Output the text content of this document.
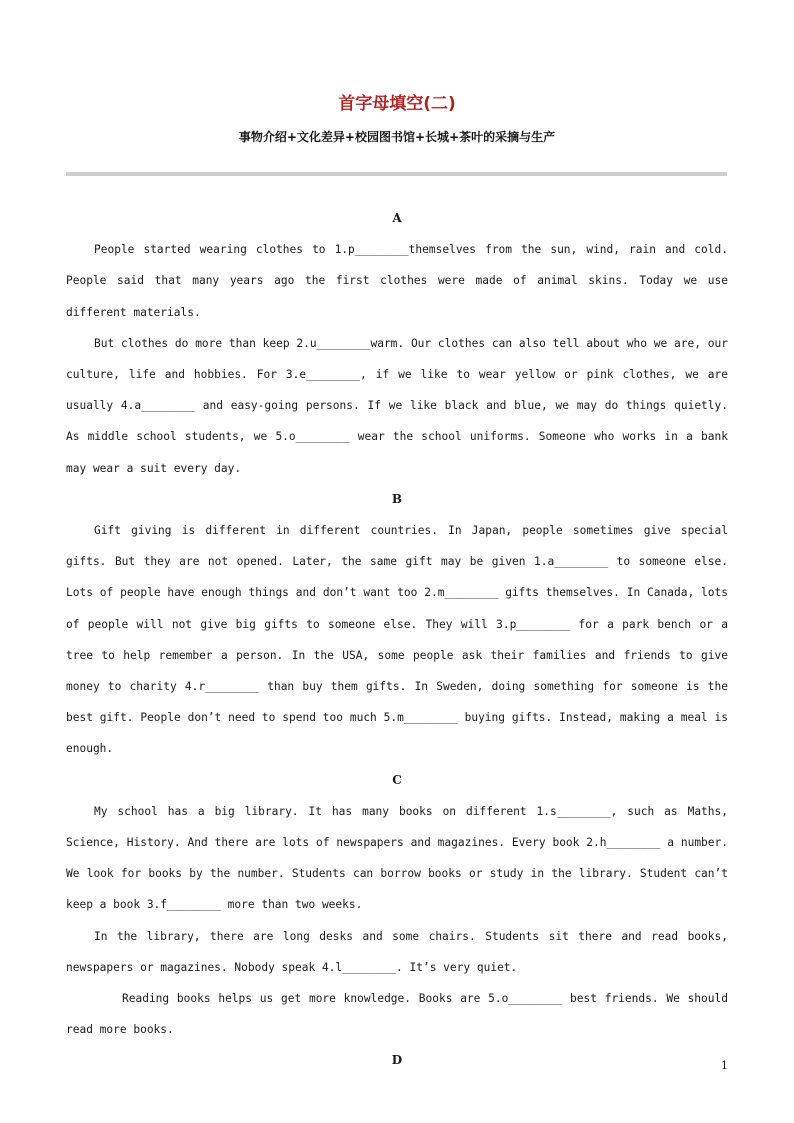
首字母填空(二)
事物介绍+文化差异+校园图书馆+长城+茶叶的采摘与生产

A

People started wearing clothes to 1.p________themselves from the sun, wind, rain and cold. People said that many years ago the first clothes were made of animal skins. Today we use different materials.

But clothes do more than keep 2.u________warm. Our clothes can also tell about who we are, our culture, life and hobbies. For 3.e________, if we like to wear yellow or pink clothes, we are usually 4.a________ and easy-going persons. If we like black and blue, we may do things quietly. As middle school students, we 5.o________ wear the school uniforms. Someone who works in a bank may wear a suit every day.

B

Gift giving is different in different countries. In Japan, people sometimes give special gifts. But they are not opened. Later, the same gift may be given 1.a________ to someone else. Lots of people have enough things and don’t want too 2.m________ gifts themselves. In Canada, lots of people will not give big gifts to someone else. They will 3.p________ for a park bench or a tree to help remember a person. In the USA, some people ask their families and friends to give money to charity 4.r________ than buy them gifts. In Sweden, doing something for someone is the best gift. People don’t need to spend too much 5.m________ buying gifts. Instead, making a meal is enough.

C

My school has a big library. It has many books on different 1.s________, such as Maths, Science, History. And there are lots of newspapers and magazines. Every book 2.h________ a number. We look for books by the number. Students can borrow books or study in the library. Student can’t keep a book 3.f________ more than two weeks.

In the library, there are long desks and some chairs. Students sit there and read books, newspapers or magazines. Nobody speak 4.l________. It’s very quiet.

Reading books helps us get more knowledge. Books are 5.o________ best friends. We should read more books.

D	1
